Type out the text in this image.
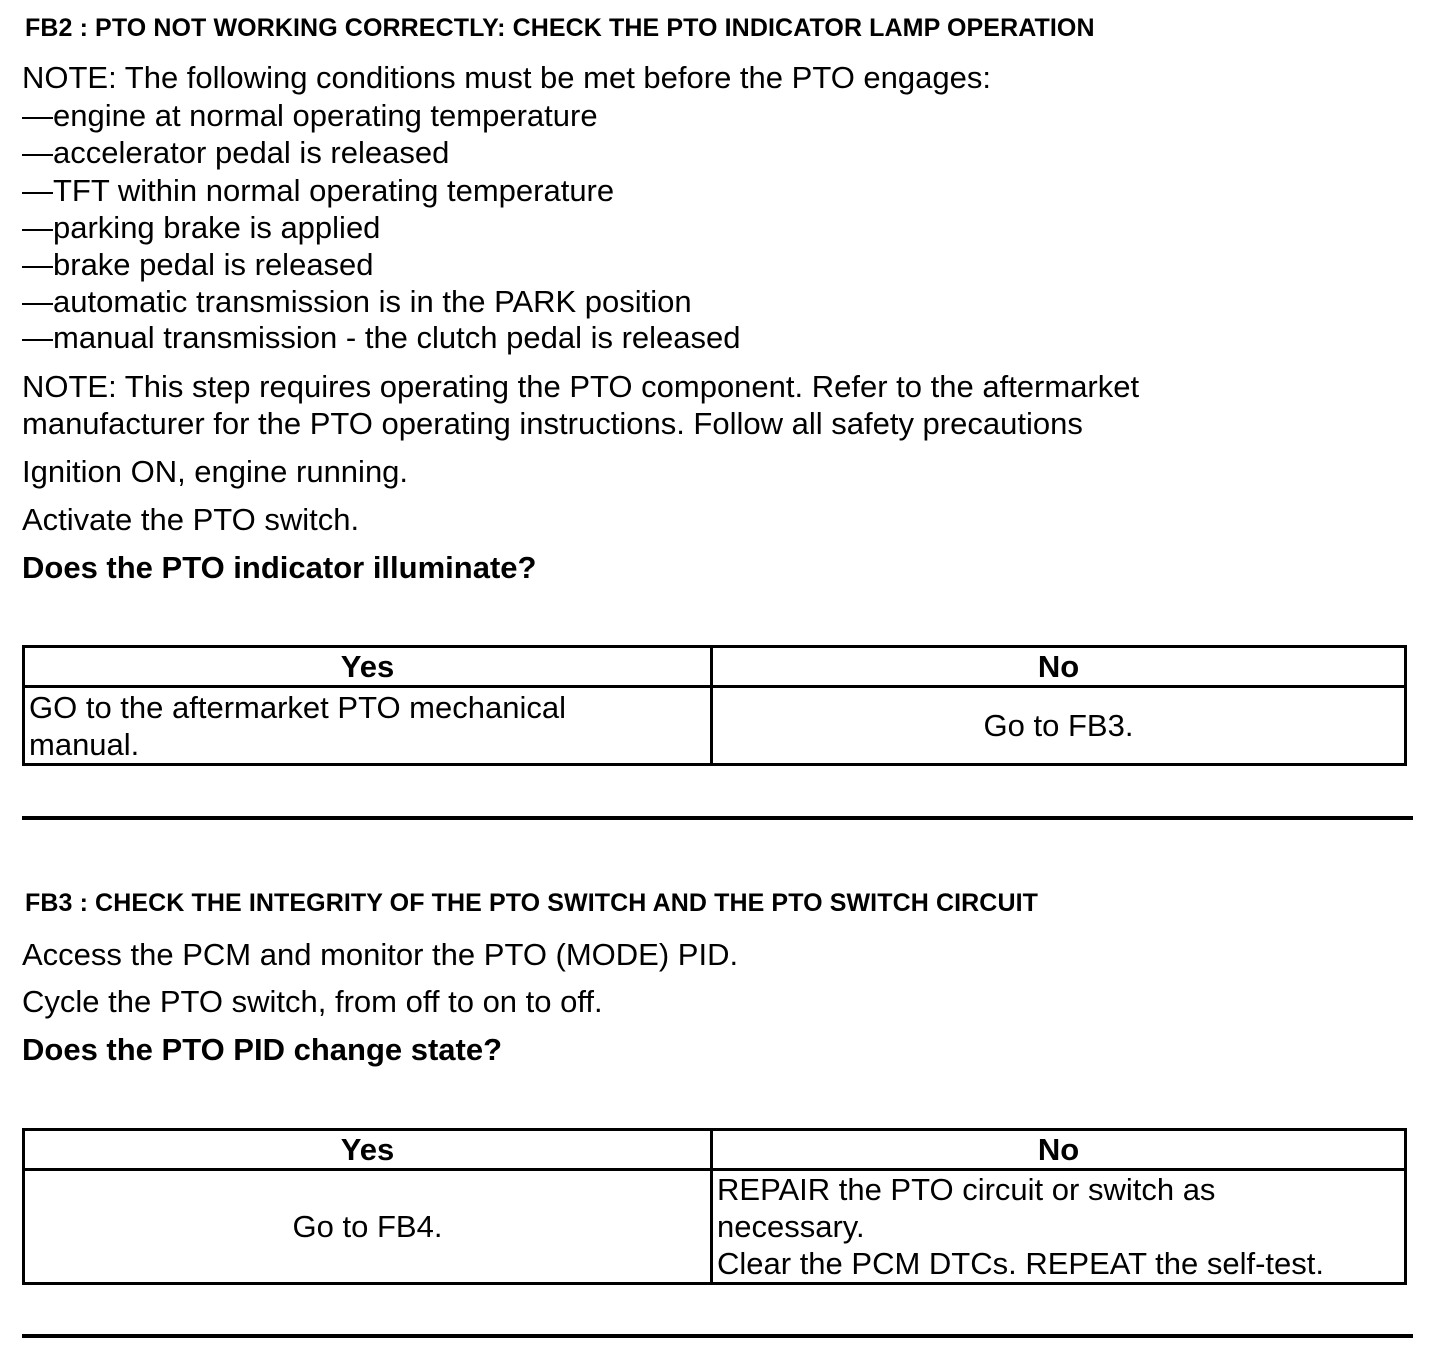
FB2 : PTO NOT WORKING CORRECTLY: CHECK THE PTO INDICATOR LAMP OPERATION
NOTE: The following conditions must be met before the PTO engages:
—engine at normal operating temperature
—accelerator pedal is released
—TFT within normal operating temperature
—parking brake is applied
—brake pedal is released
—automatic transmission is in the PARK position
—manual transmission - the clutch pedal is released
NOTE: This step requires operating the PTO component. Refer to the aftermarket
manufacturer for the PTO operating instructions. Follow all safety precautions
Ignition ON, engine running.
Activate the PTO switch.
Does the PTO indicator illuminate?
Yes	No

GO to the aftermarket PTO mechanical
manual.	Go to FB3.
FB3 : CHECK THE INTEGRITY OF THE PTO SWITCH AND THE PTO SWITCH CIRCUIT
Access the PCM and monitor the PTO (MODE) PID.
Cycle the PTO switch, from off to on to off.
Does the PTO PID change state?
Yes	No
Go to FB4.	REPAIR the PTO circuit or switch as
necessary.
Clear the PCM DTCs. REPEAT the self-test.
